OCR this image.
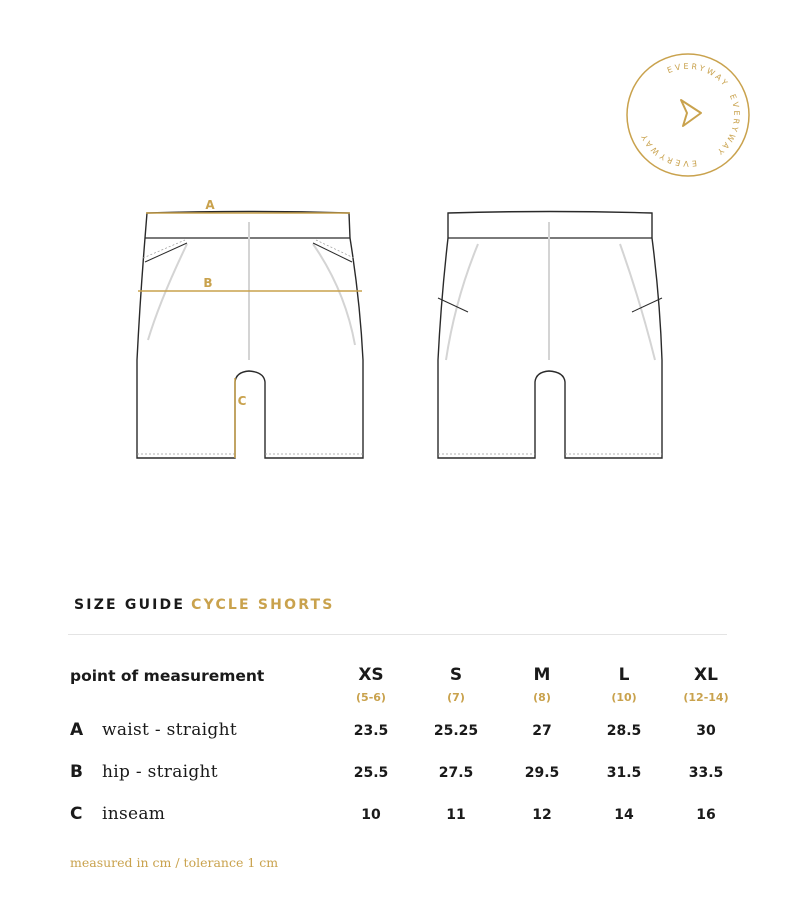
EVERYWAY
EVERYWAY
EVERYWAY
A
B
C
SIZE GUIDE CYCLE SHORTS
point of measurement	XS	S	M	L	XL
(5-6)	(7)	(8)	(10)	(12-14)
A waist - straight	23.5	25.25	27	28.5	30
B hip - straight	25.5	27.5	29.5	31.5	33.5
C inseam	10	11	12	14	16
measured in cm / tolerance 1 cm
